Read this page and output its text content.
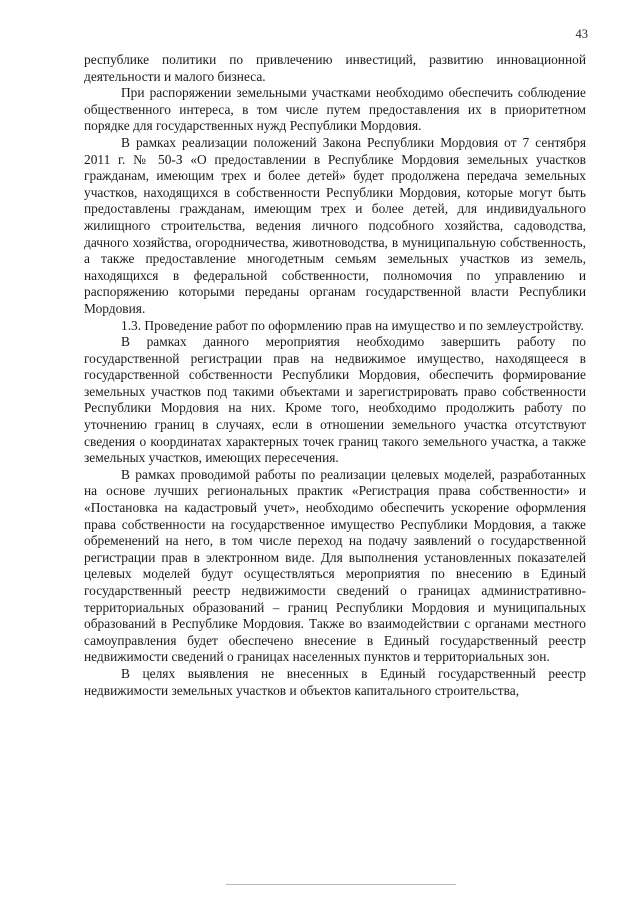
43

республике политики по привлечению инвестиций, развитию инновационной деятельности и малого бизнеса.

При распоряжении земельными участками необходимо обеспечить соблюдение общественного интереса, в том числе путем предоставления их в приоритетном порядке для государственных нужд Республики Мордовия.

В рамках реализации положений Закона Республики Мордовия от 7 сентября 2011 г. № 50-З «О предоставлении в Республике Мордовия земельных участков гражданам, имеющим трех и более детей» будет продолжена передача земельных участков, находящихся в собственности Республики Мордовия, которые могут быть предоставлены гражданам, имеющим трех и более детей, для индивидуального жилищного строительства, ведения личного подсобного хозяйства, садоводства, дачного хозяйства, огородничества, животноводства, в муниципальную собственность, а также предоставление многодетным семьям земельных участков из земель, находящихся в федеральной собственности, полномочия по управлению и распоряжению которыми переданы органам государственной власти Республики Мордовия.

1.3. Проведение работ по оформлению прав на имущество и по землеустройству.

В рамках данного мероприятия необходимо завершить работу по государственной регистрации прав на недвижимое имущество, находящееся в государственной собственности Республики Мордовия, обеспечить формирование земельных участков под такими объектами и зарегистрировать право собственности Республики Мордовия на них. Кроме того, необходимо продолжить работу по уточнению границ в случаях, если в отношении земельного участка отсутствуют сведения о координатах характерных точек границ такого земельного участка, а также земельных участков, имеющих пересечения.

В рамках проводимой работы по реализации целевых моделей, разработанных на основе лучших региональных практик «Регистрация права собственности» и «Постановка на кадастровый учет», необходимо обеспечить ускорение оформления права собственности на государственное имущество Республики Мордовия, а также обременений на него, в том числе переход на подачу заявлений о государственной регистрации прав в электронном виде. Для выполнения установленных показателей целевых моделей будут осуществляться мероприятия по внесению в Единый государственный реестр недвижимости сведений о границах административно-территориальных образований – границ Республики Мордовия и муниципальных образований в Республике Мордовия. Также во взаимодействии с органами местного самоуправления будет обеспечено внесение в Единый государственный реестр недвижимости сведений о границах населенных пунктов и территориальных зон.

В целях выявления не внесенных в Единый государственный реестр недвижимости земельных участков и объектов капитального строительства,
